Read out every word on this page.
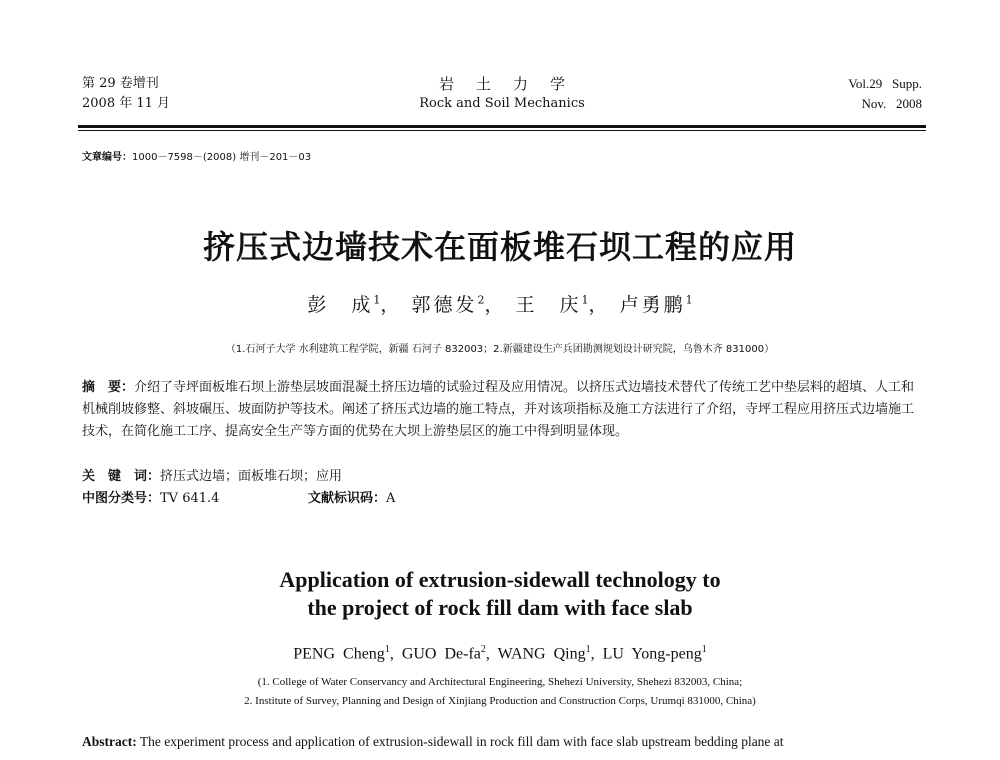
第 29 卷增刊
2008 年 11 月
岩土力学
Rock and Soil Mechanics
Vol.29   Supp.
Nov.   2008
文章编号：1000－7598－(2008) 增刊－201－03
挤压式边墙技术在面板堆石坝工程的应用
彭　成$^1$， 郭德发$^2$， 王　庆$^1$， 卢勇鹏$^1$
（1.石河子大学 水利建筑工程学院，新疆 石河子 832003；2.新疆建设生产兵团勘测规划设计研究院，乌鲁木齐 831000）
摘　要：介绍了寺坪面板堆石坝上游垫层坡面混凝土挤压边墙的试验过程及应用情况。以挤压式边墙技术替代了传统工艺中垫层料的超填、人工和机械削坡修整、斜坡碾压、坡面防护等技术。阐述了挤压式边墙的施工特点，并对该项指标及施工方法进行了介绍，寺坪工程应用挤压式边墙施工技术，在简化施工工序、提高安全生产等方面的优势在大坝上游垫层区的施工中得到明显体现。
关　键　词：挤压式边墙；面板堆石坝；应用
中图分类号：TV 641.4	文献标识码：A
Application of extrusion-sidewall technology to
the project of rock fill dam with face slab
PENG Cheng$^1$, GUO $De-fa^2$, WANG Qing$^1$, LU Yong-peng$^1$
(1. College of Water Conservancy and Architectural Engineering, Shehezi University, Shehezi 832003, China;
2. Institute of Survey, Planning and Design of Xinjiang Production and Construction Corps, Urumqi 831000, China)
Abstract: The experiment process and application of extrusion-sidewall in rock fill dam with face slab upstream bedding plane at
